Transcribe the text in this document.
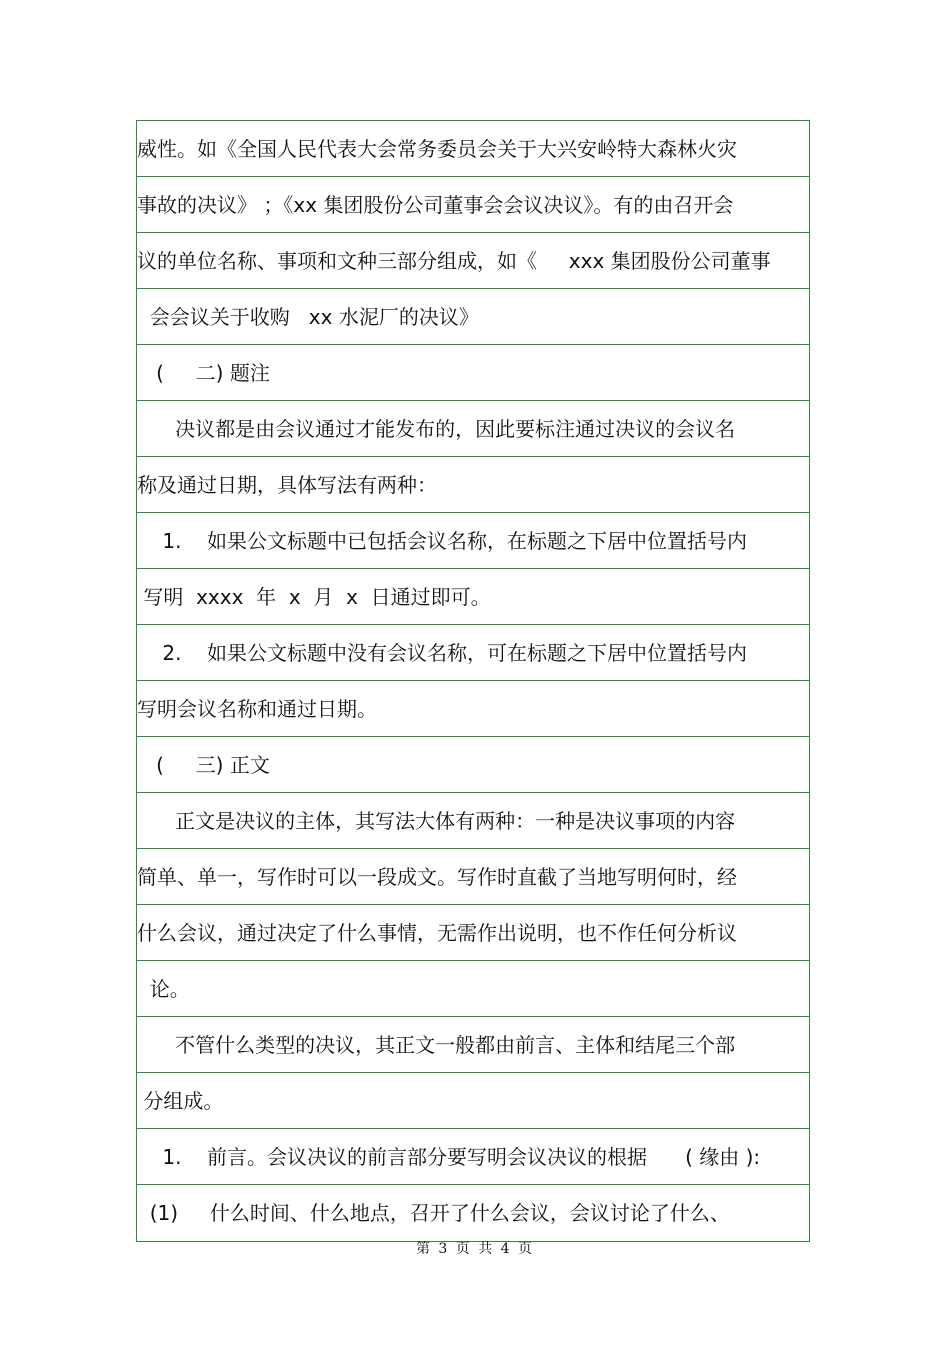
威性。如《全国人民代表大会常务委员会关于大兴安岭特大森林火灾
事故的决议》 ；《xx 集团股份公司董事会会议决议》。有的由召开会
议的单位名称、事项和文种三部分组成，如《     xxx 集团股份公司董事
会会议关于收购   xx 水泥厂的决议》
(     二) 题注
决议都是由会议通过才能发布的，因此要标注通过决议的会议名
称及通过日期，具体写法有两种：
1.    如果公文标题中已包括会议名称，在标题之下居中位置括号内
写明  xxxx  年  x  月  x  日通过即可。
2.    如果公文标题中没有会议名称，可在标题之下居中位置括号内
写明会议名称和通过日期。
(     三) 正文
正文是决议的主体，其写法大体有两种：一种是决议事项的内容
简单、单一，写作时可以一段成文。写作时直截了当地写明何时，经
什么会议，通过决定了什么事情，无需作出说明，也不作任何分析议
论。
不管什么类型的决议，其正文一般都由前言、主体和结尾三个部
分组成。
1.    前言。会议决议的前言部分要写明会议决议的根据      ( 缘由 ):
(1)     什么时间、什么地点，召开了什么会议，会议讨论了什么、
第 3 页 共 4 页
